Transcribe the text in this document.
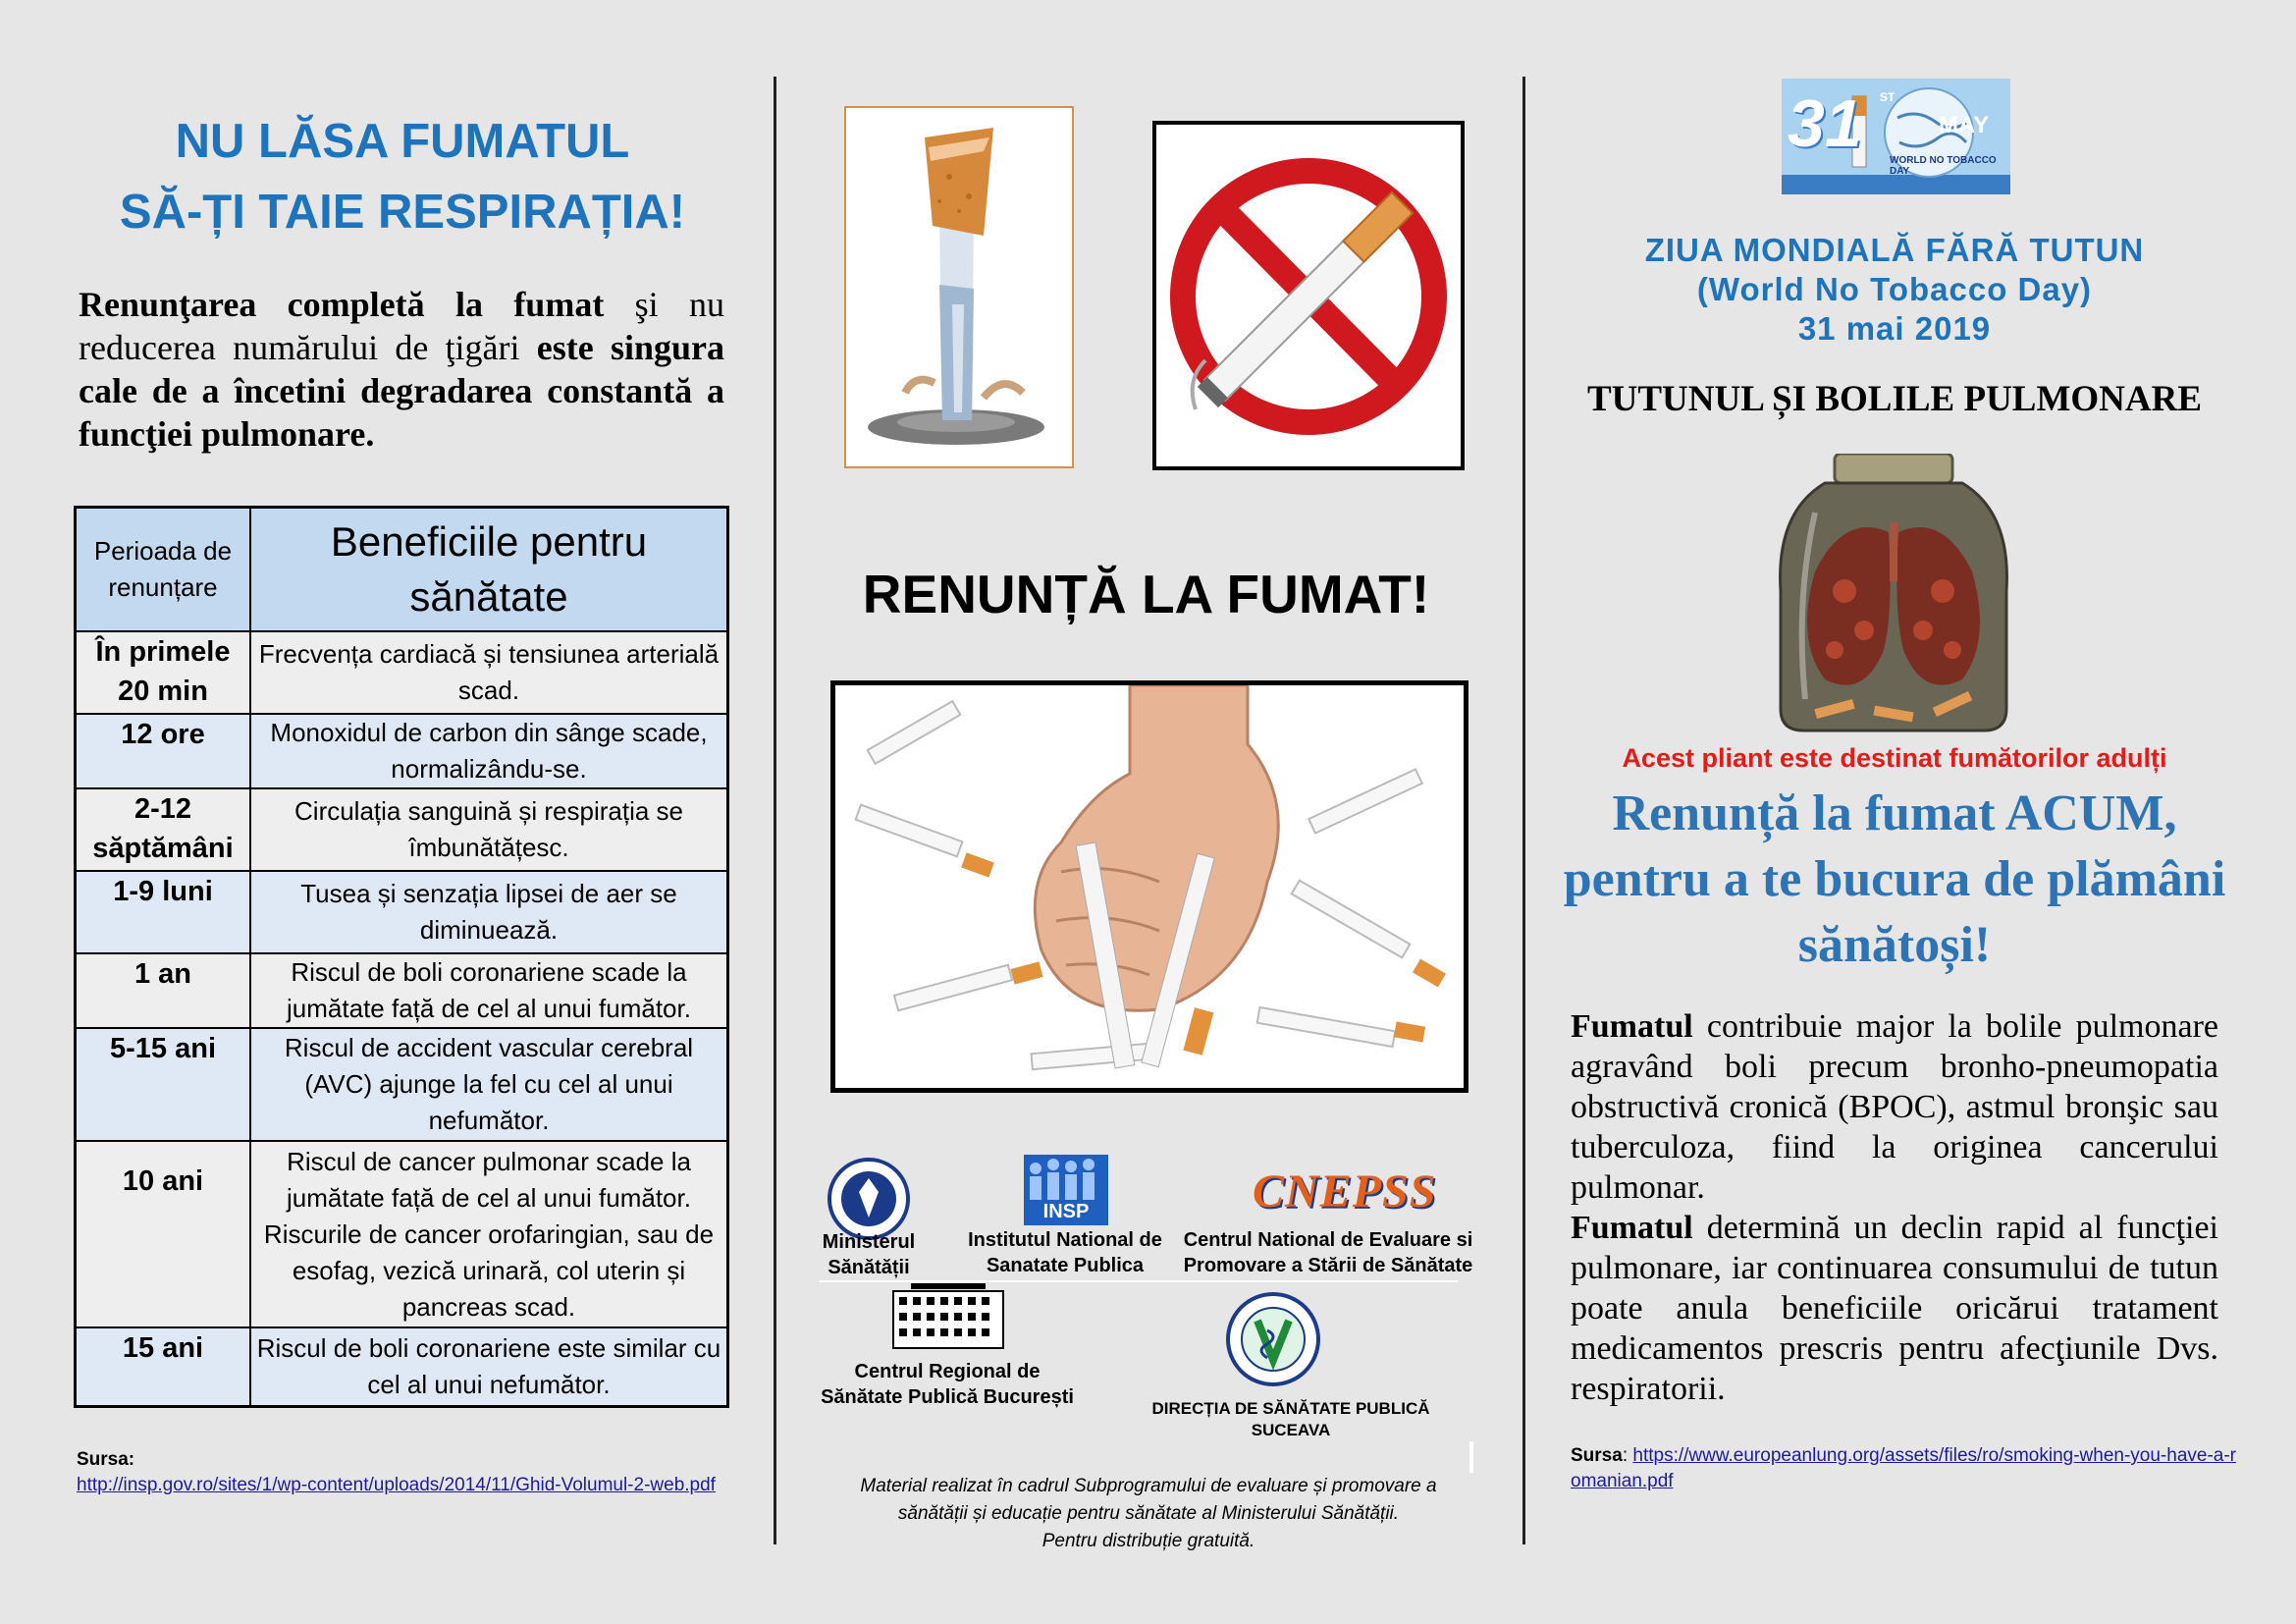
NU LĂSA FUMATUL
SĂ-ȚI TAIE RESPIRAȚIA!
Renunţarea completă la fumat şi nu reducerea numărului de ţigări este singura cale de a încetini degradarea constantă a funcţiei pulmonare.
Perioada de renunțare	Beneficiile pentru sănătate
În primele 20 min	Frecvența cardiacă și tensiunea arterială scad.
12 ore	Monoxidul de carbon din sânge scade, normalizându-se.
2-12 săptămâni	Circulația sanguină și respirația se îmbunătățesc.
1-9 luni	Tusea și senzația lipsei de aer se diminuează.
1 an	Riscul de boli coronariene scade la jumătate față de cel al unui fumător.
5-15 ani	Riscul de accident vascular cerebral (AVC) ajunge la fel cu cel al unui nefumător.
10 ani	Riscul de cancer pulmonar scade la jumătate față de cel al unui fumător. Riscurile de cancer orofaringian, sau de esofag, vezică urinară, col uterin și pancreas scad.
15 ani	Riscul de boli coronariene este similar cu cel al unui nefumător.
Sursa:
http://insp.gov.ro/sites/1/wp-content/uploads/2014/11/Ghid-Volumul-2-web.pdf
RENUNȚĂ LA FUMAT!
Ministerul Sănătății
INSP
Institutul National de Sanatate Publica
CNEPSS
Centrul National de Evaluare si Promovare a Stării de Sănătate
Centrul Regional de Sănătate Publică București
DIRECȚIA DE SĂNĂTATE PUBLICĂ SUCEAVA
Material realizat în cadrul Subprogramului de evaluare și promovare a
sănătății și educație pentru sănătate al Ministerului Sănătății.
Pentru distribuție gratuită.
31 ST
MAY
WORLD NO TOBACCO DAY
ZIUA MONDIALĂ FĂRĂ TUTUN
(World No Tobacco Day)
31 mai 2019
TUTUNUL ȘI BOLILE PULMONARE
Acest pliant este destinat fumătorilor adulți
Renunță la fumat ACUM, pentru a te bucura de plămâni sănătoși!

Fumatul contribuie major la bolile pulmonare agravând boli precum bronho-pneumopatia obstructivă cronică (BPOC), astmul bronşic sau tuberculoza, fiind la originea cancerului pulmonar.

Fumatul determină un declin rapid al funcţiei pulmonare, iar continuarea consumului de tutun poate anula beneficiile oricărui tratament medicamentos prescris pentru afecţiunile Dvs. respiratorii.

Sursa: https://www.europeanlung.org/assets/files/ro/smoking-when-you-have-a-romanian.pdf
